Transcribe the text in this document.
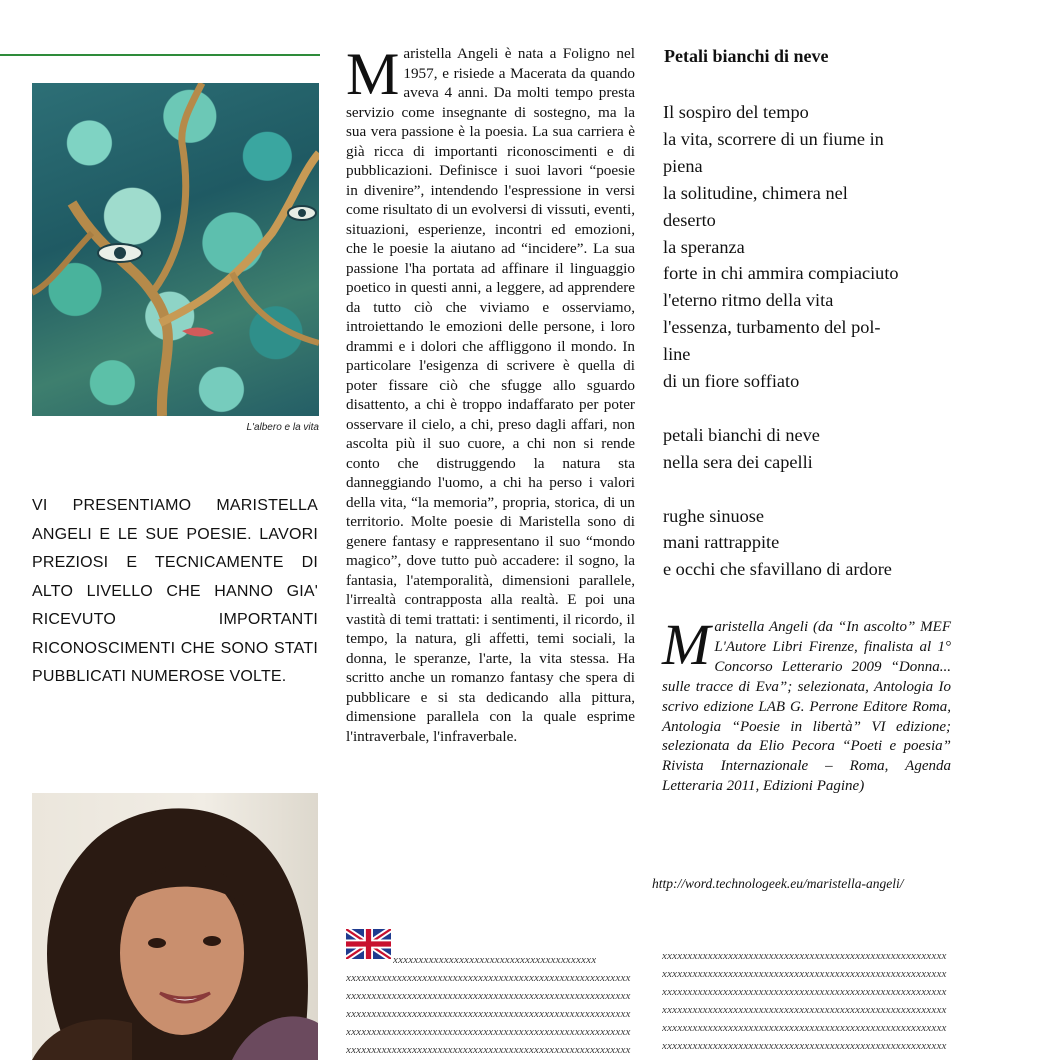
L'albero e la vita
VI PRESENTIAMO MARISTELLA ANGELI E LE SUE POESIE. LAVORI PREZIOSI E TECNICAMENTE DI ALTO LIVELLO CHE HANNO GIA' RICEVUTO IMPORTANTI RICONOSCIMENTI CHE SONO STATI PUBBLICATI NUMEROSE VOLTE.
Maristella Angeli è nata a Foligno nel 1957, e risiede a Macerata da quando aveva 4 anni. Da molti tempo presta servizio come insegnante di sostegno, ma la sua vera passione è la poesia. La sua carriera è già ricca di importanti riconoscimenti e di pubblicazioni. Definisce i suoi lavori “poesie in divenire”, intendendo l'espressione in versi come risultato di un evolversi di vissuti, eventi, situazioni, esperienze, incontri ed emozioni, che le poesie la aiutano ad “incidere”. La sua passione l'ha portata ad affinare il linguaggio poetico in questi anni, a leggere, ad apprendere da tutto ciò che viviamo e osserviamo, introiettando le emozioni delle persone, i loro drammi e i dolori che affliggono il mondo. In particolare l'esigenza di scrivere è quella di poter fissare ciò che sfugge allo sguardo disattento, a chi è troppo indaffarato per poter osservare il cielo, a chi, preso dagli affari, non ascolta più il suo cuore, a chi non si rende conto che distruggendo la natura sta danneggiando l'uomo, a chi ha perso i valori della vita, “la memoria”, propria, storica, di un territorio. Molte poesie di Maristella sono di genere fantasy e rappresentano il suo “mondo magico”, dove tutto può accadere: il sogno, la fantasia, l'atemporalità, dimensioni parallele, l'irrealtà contrapposta alla realtà. E poi una vastità di temi trattati: i sentimenti, il ricordo, il tempo, la natura, gli affetti, temi sociali, la donna, le speranze, l'arte, la vita stessa. Ha scritto anche un romanzo fantasy che spera di pubblicare e si sta dedicando alla pittura, dimensione parallela con la quale esprime l'intraverbale, l'infraverbale.
xxxxxxxxxxxxxxxxxxxxxxxxxxxxxxxxxxxxxxxx
xxxxxxxxxxxxxxxxxxxxxxxxxxxxxxxxxxxxxxxxxxxxxxxxxxxxxxxx
xxxxxxxxxxxxxxxxxxxxxxxxxxxxxxxxxxxxxxxxxxxxxxxxxxxxxxxx
xxxxxxxxxxxxxxxxxxxxxxxxxxxxxxxxxxxxxxxxxxxxxxxxxxxxxxxx
xxxxxxxxxxxxxxxxxxxxxxxxxxxxxxxxxxxxxxxxxxxxxxxxxxxxxxxx
xxxxxxxxxxxxxxxxxxxxxxxxxxxxxxxxxxxxxxxxxxxxxxxxxxxxxxxx
Petali bianchi di neve
Il sospiro del tempo
la vita, scorrere di un fiume in
piena
la solitudine, chimera nel
deserto
la speranza
forte in chi ammira compiaciuto
l'eterno ritmo della vita
l'essenza, turbamento del pol-
line
di un fiore soffiato
petali bianchi di neve
nella sera dei capelli
rughe sinuose
mani rattrappite
e occhi che sfavillano di ardore
Maristella Angeli (da “In ascolto” MEF L'Autore Libri Firenze, finalista al 1° Concorso Letterario 2009 “Donna... sulle tracce di Eva”; selezionata, Antologia Io scrivo edizione LAB G. Perrone Editore Roma, Antologia “Poesie in libertà” VI edizione; selezionata da Elio Pecora “Poeti e poesia” Rivista Internazionale – Roma, Agenda Letteraria 2011, Edizioni Pagine)
http://word.technologeek.eu/maristella-angeli/
xxxxxxxxxxxxxxxxxxxxxxxxxxxxxxxxxxxxxxxxxxxxxxxxxxxxxxxx
xxxxxxxxxxxxxxxxxxxxxxxxxxxxxxxxxxxxxxxxxxxxxxxxxxxxxxxx
xxxxxxxxxxxxxxxxxxxxxxxxxxxxxxxxxxxxxxxxxxxxxxxxxxxxxxxx
xxxxxxxxxxxxxxxxxxxxxxxxxxxxxxxxxxxxxxxxxxxxxxxxxxxxxxxx
xxxxxxxxxxxxxxxxxxxxxxxxxxxxxxxxxxxxxxxxxxxxxxxxxxxxxxxx
xxxxxxxxxxxxxxxxxxxxxxxxxxxxxxxxxxxxxxxxxxxxxxxxxxxxxxxx
